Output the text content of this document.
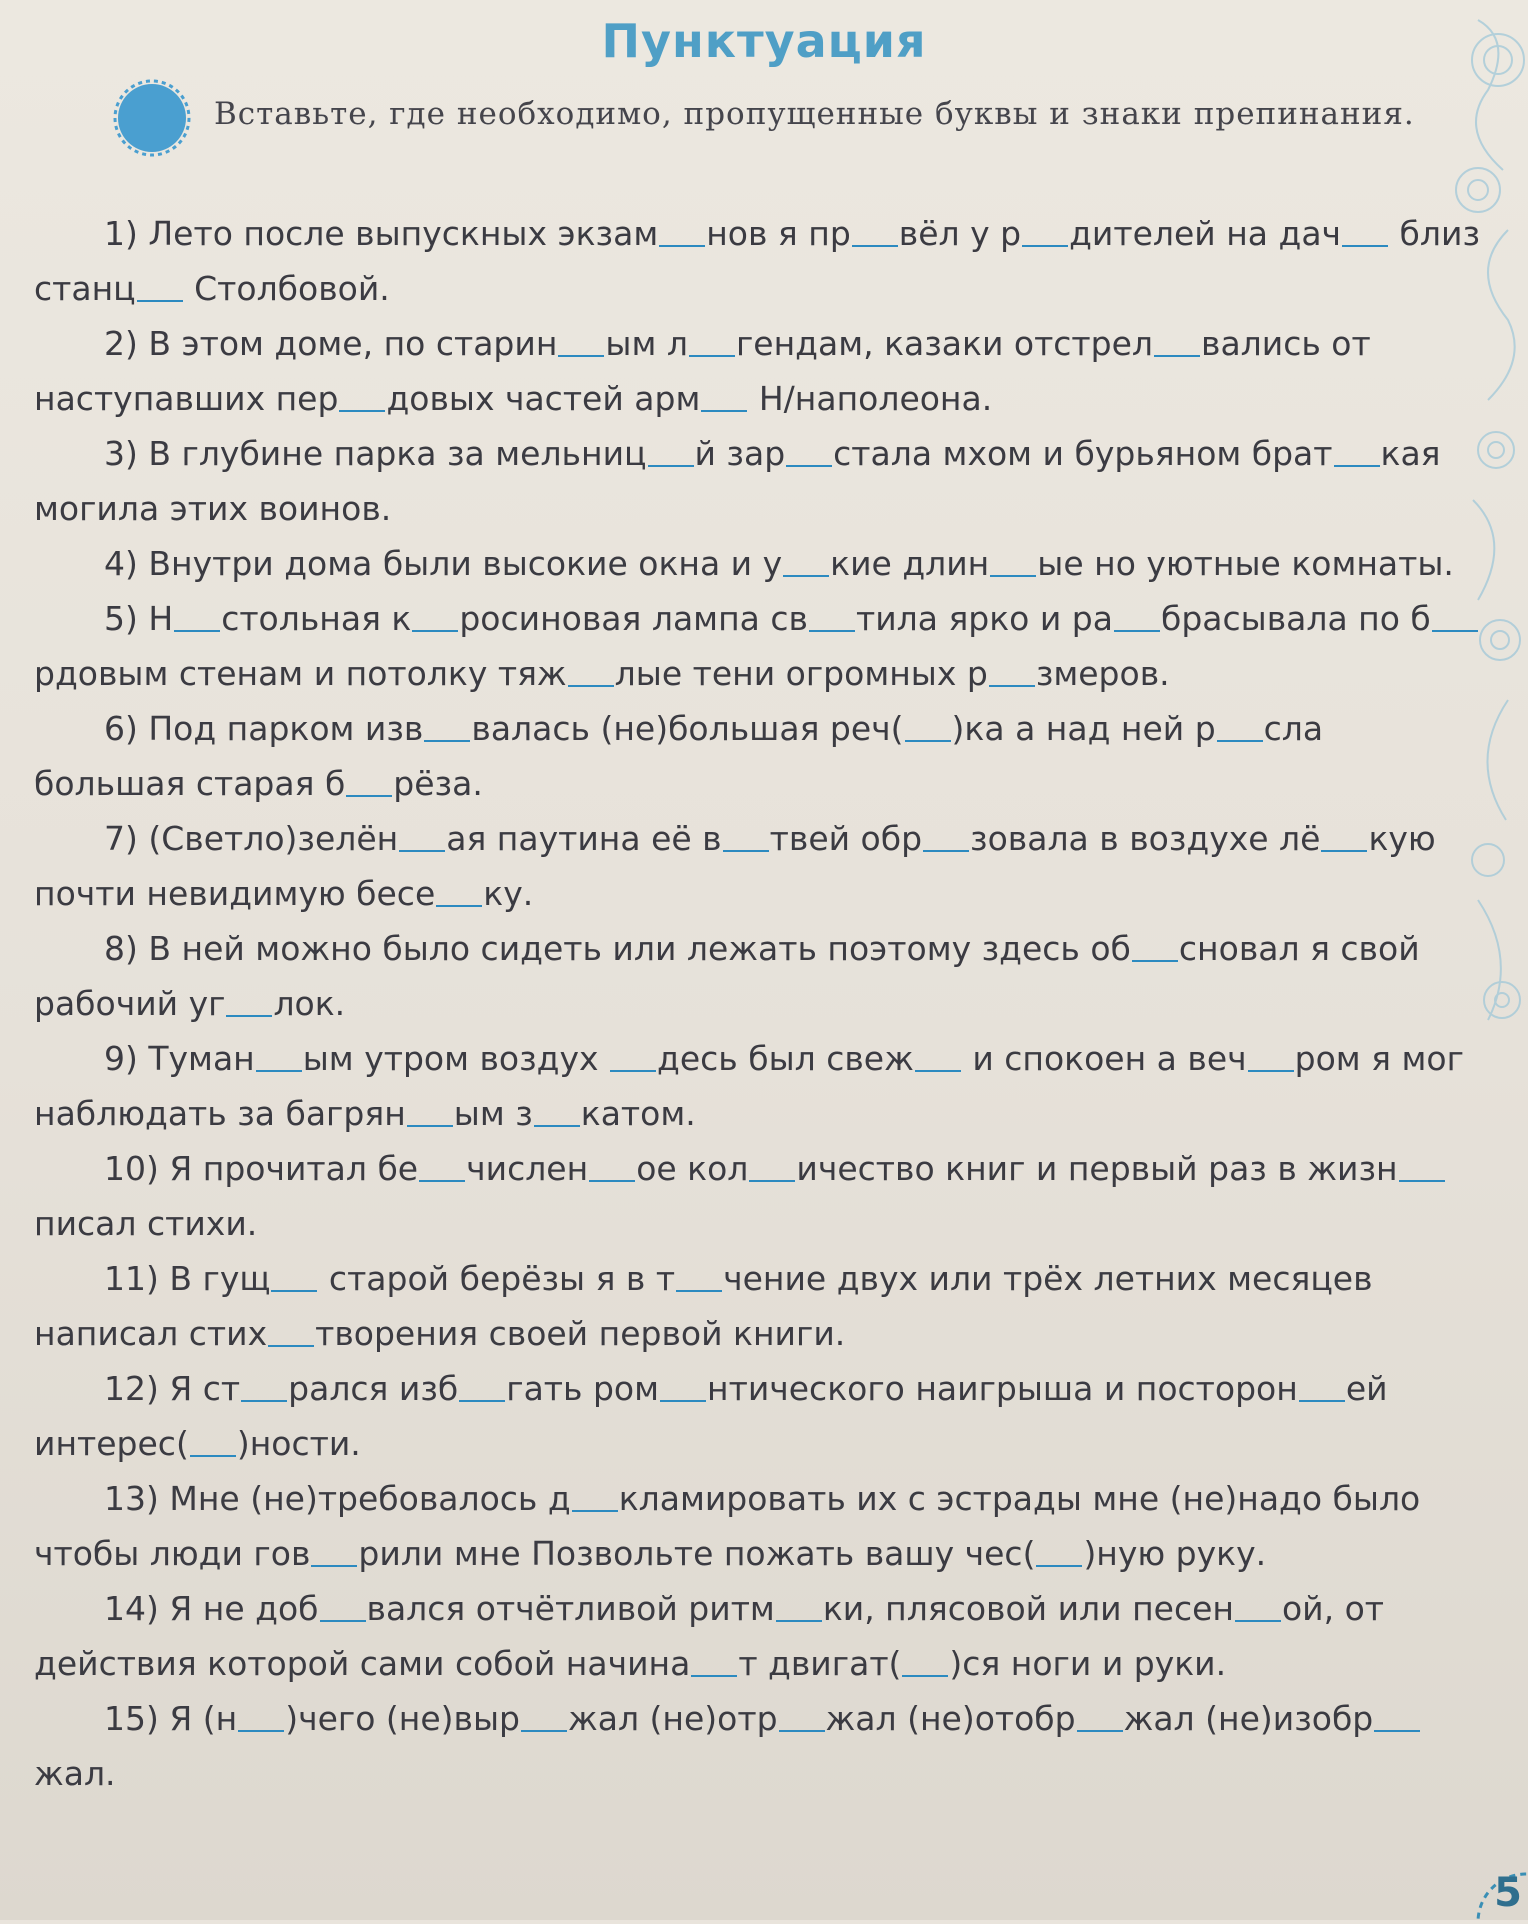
Пунктуация
Вставьте, где необходимо, пропущенные буквы и знаки препинания.

1) Лето после выпускных экзам нов я пр вёл у р дителей на дач близ станц Столбовой.

2) В этом доме, по старин ым л гендам, казаки отстрел вались от наступавших пер довых частей арм Н/наполеона.

3) В глубине парка за мельниц й зар стала мхом и бурьяном брат кая могила этих воинов.

4) Внутри дома были высокие окна и у кие длин ые но уютные комнаты.

5) Н стольная к росиновая лампа св тила ярко и ра брасывала по брдовым стенам и потолку тяж лые тени огромных р змеров.

6) Под парком изв валась (не)большая реч( )ка а над ней р сла большая старая б рёза.

7) (Светло)зелён ая паутина её в твей обр зовала в воздухе лё кую почти невидимую бесе ку.

8) В ней можно было сидеть или лежать поэтому здесь об сновал я свой рабочий уг лок.

9) Туман ым утром воздух десь был свеж и спокоен а веч ром я мог наблюдать за багрян ым з катом.

10) Я прочитал бе числен ое кол ичество книг и первый раз в жизн писал стихи.

11) В гущ старой берёзы я в т чение двух или трёх летних месяцев написал стих творения своей первой книги.

12) Я ст рался изб гать ром нтического наигрыша и посторон ей интерес( )ности.

13) Мне (не)требовалось д кламировать их с эстрады мне (не)надо было чтобы люди гов рили мне Позвольте пожать вашу чес( )ную руку.

14) Я не доб вался отчётливой ритм ки, плясовой или песен ой, от действия которой сами собой начина т двигат( )ся ноги и руки.

15) Я (н )чего (не)выр жал (не)отр жал (не)отобр жал (не)изобржал.

5
